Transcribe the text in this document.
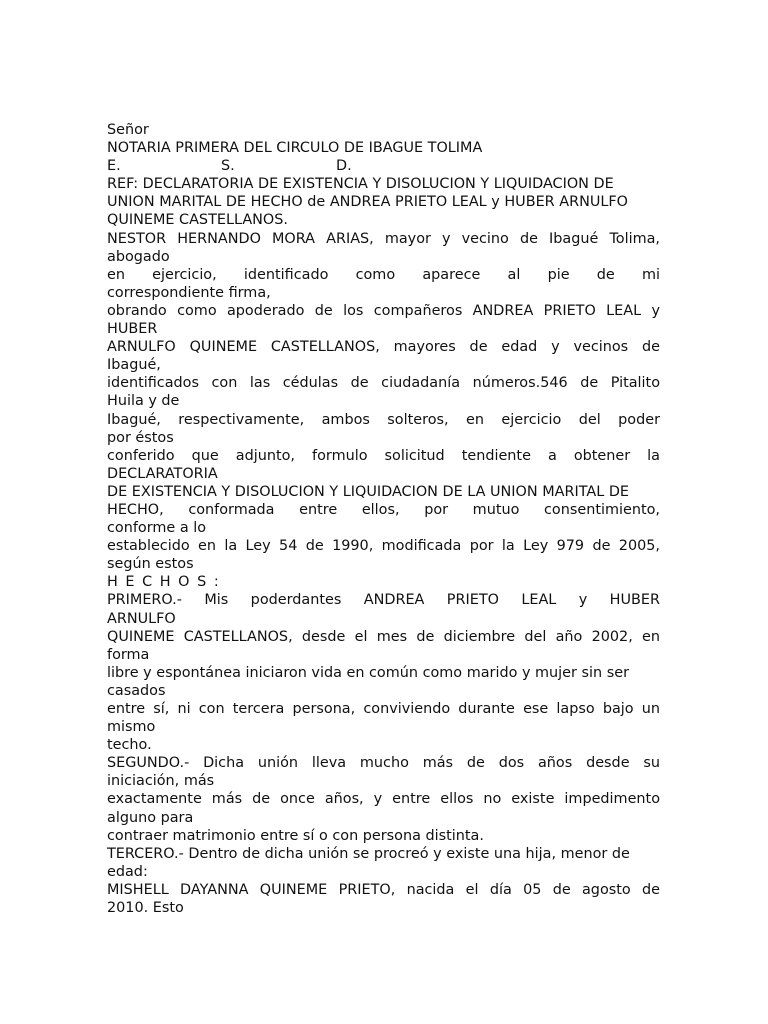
Señor
NOTARIA PRIMERA DEL CIRCULO DE IBAGUE TOLIMA
E.	S.	D.
REF: DECLARATORIA DE EXISTENCIA Y DISOLUCION Y LIQUIDACION DE
UNION MARITAL DE HECHO de ANDREA PRIETO LEAL y HUBER ARNULFO
QUINEME CASTELLANOS.
NESTOR HERNANDO MORA ARIAS, mayor y vecino de Ibagué Tolima,
abogado
en ejercicio, identificado como aparece al pie de mi
correspondiente firma,
obrando como apoderado de los compañeros ANDREA PRIETO LEAL y
HUBER
ARNULFO QUINEME CASTELLANOS, mayores de edad y vecinos de
Ibagué,
identificados con las cédulas de ciudadanía números.546 de Pitalito
Huila y de
Ibagué, respectivamente, ambos solteros, en ejercicio del poder
por éstos
conferido que adjunto, formulo solicitud tendiente a obtener la
DECLARATORIA
DE EXISTENCIA Y DISOLUCION Y LIQUIDACION DE LA UNION MARITAL DE
HECHO, conformada entre ellos, por mutuo consentimiento,
conforme a lo
establecido en la Ley 54 de 1990, modificada por la Ley 979 de 2005,
según estos
HECHOS:
PRIMERO.- Mis poderdantes ANDREA PRIETO LEAL y HUBER
ARNULFO
QUINEME CASTELLANOS, desde el mes de diciembre del año 2002, en
forma
libre y espontánea iniciaron vida en común como marido y mujer sin ser
casados
entre sí, ni con tercera persona, conviviendo durante ese lapso bajo un
mismo
techo.
SEGUNDO.- Dicha unión lleva mucho más de dos años desde su
iniciación, más
exactamente más de once años, y entre ellos no existe impedimento
alguno para
contraer matrimonio entre sí o con persona distinta.
TERCERO.- Dentro de dicha unión se procreó y existe una hija, menor de
edad:
MISHELL DAYANNA QUINEME PRIETO, nacida el día 05 de agosto de
2010. Esto
